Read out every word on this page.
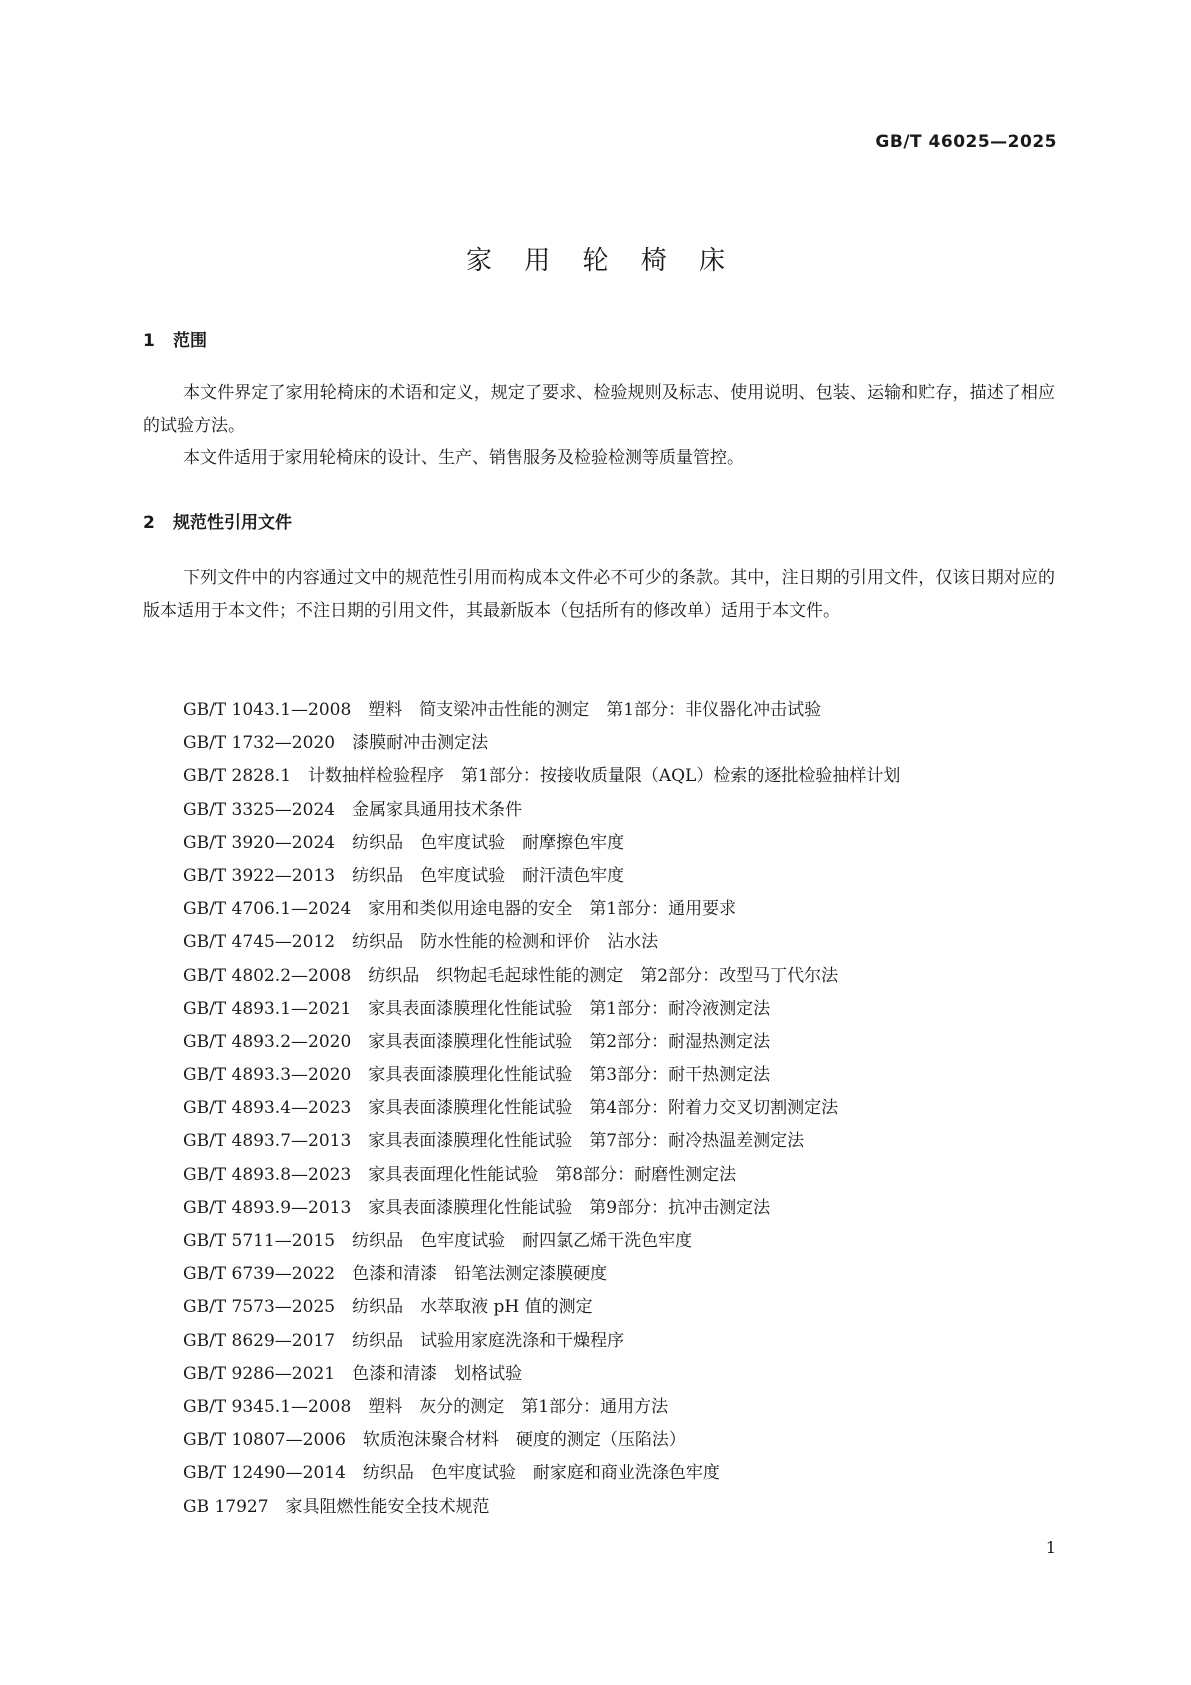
GB/T 46025—2025
家 用 轮 椅 床
1 范围

本文件界定了家用轮椅床的术语和定义，规定了要求、检验规则及标志、使用说明、包装、运输和贮存，描述了相应的试验方法。

本文件适用于家用轮椅床的设计、生产、销售服务及检验检测等质量管控。

2 规范性引用文件

下列文件中的内容通过文中的规范性引用而构成本文件必不可少的条款。其中，注日期的引用文件，仅该日期对应的版本适用于本文件；不注日期的引用文件，其最新版本（包括所有的修改单）适用于本文件。

GB/T 1043.1—2008　塑料　简支梁冲击性能的测定　第1部分：非仪器化冲击试验
GB/T 1732—2020　漆膜耐冲击测定法
GB/T 2828.1　计数抽样检验程序　第1部分：按接收质量限（AQL）检索的逐批检验抽样计划
GB/T 3325—2024　金属家具通用技术条件
GB/T 3920—2024　纺织品　色牢度试验　耐摩擦色牢度
GB/T 3922—2013　纺织品　色牢度试验　耐汗渍色牢度
GB/T 4706.1—2024　家用和类似用途电器的安全　第1部分：通用要求
GB/T 4745—2012　纺织品　防水性能的检测和评价　沾水法
GB/T 4802.2—2008　纺织品　织物起毛起球性能的测定　第2部分：改型马丁代尔法
GB/T 4893.1—2021　家具表面漆膜理化性能试验　第1部分：耐冷液测定法
GB/T 4893.2—2020　家具表面漆膜理化性能试验　第2部分：耐湿热测定法
GB/T 4893.3—2020　家具表面漆膜理化性能试验　第3部分：耐干热测定法
GB/T 4893.4—2023　家具表面漆膜理化性能试验　第4部分：附着力交叉切割测定法
GB/T 4893.7—2013　家具表面漆膜理化性能试验　第7部分：耐冷热温差测定法
GB/T 4893.8—2023　家具表面理化性能试验　第8部分：耐磨性测定法
GB/T 4893.9—2013　家具表面漆膜理化性能试验　第9部分：抗冲击测定法
GB/T 5711—2015　纺织品　色牢度试验　耐四氯乙烯干洗色牢度
GB/T 6739—2022　色漆和清漆　铅笔法测定漆膜硬度
GB/T 7573—2025　纺织品　水萃取液 pH 值的测定
GB/T 8629—2017　纺织品　试验用家庭洗涤和干燥程序
GB/T 9286—2021　色漆和清漆　划格试验
GB/T 9345.1—2008　塑料　灰分的测定　第1部分：通用方法
GB/T 10807—2006　软质泡沫聚合材料　硬度的测定（压陷法）
GB/T 12490—2014　纺织品　色牢度试验　耐家庭和商业洗涤色牢度
GB 17927　家具阻燃性能安全技术规范
1
